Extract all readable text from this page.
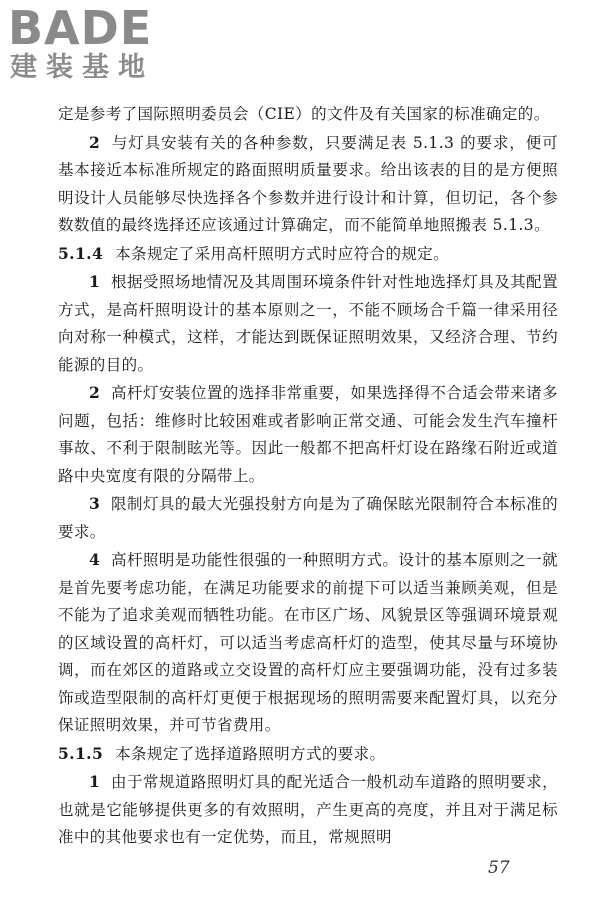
BADE
建装基地

定是参考了国际照明委员会（CIE）的文件及有关国家的标准确定的。

2 与灯具安装有关的各种参数，只要满足表 5.1.3 的要求，便可基本接近本标准所规定的路面照明质量要求。给出该表的目的是方便照明设计人员能够尽快选择各个参数并进行设计和计算，但切记，各个参数数值的最终选择还应该通过计算确定，而不能简单地照搬表 5.1.3。

5.1.4 本条规定了采用高杆照明方式时应符合的规定。

1 根据受照场地情况及其周围环境条件针对性地选择灯具及其配置方式，是高杆照明设计的基本原则之一，不能不顾场合千篇一律采用径向对称一种模式，这样，才能达到既保证照明效果，又经济合理、节约能源的目的。

2 高杆灯安装位置的选择非常重要，如果选择得不合适会带来诸多问题，包括：维修时比较困难或者影响正常交通、可能会发生汽车撞杆事故、不利于限制眩光等。因此一般都不把高杆灯设在路缘石附近或道路中央宽度有限的分隔带上。

3 限制灯具的最大光强投射方向是为了确保眩光限制符合本标准的要求。

4 高杆照明是功能性很强的一种照明方式。设计的基本原则之一就是首先要考虑功能，在满足功能要求的前提下可以适当兼顾美观，但是不能为了追求美观而牺牲功能。在市区广场、风貌景区等强调环境景观的区域设置的高杆灯，可以适当考虑高杆灯的造型，使其尽量与环境协调，而在郊区的道路或立交设置的高杆灯应主要强调功能，没有过多装饰或造型限制的高杆灯更便于根据现场的照明需要来配置灯具，以充分保证照明效果，并可节省费用。

5.1.5 本条规定了选择道路照明方式的要求。

1 由于常规道路照明灯具的配光适合一般机动车道路的照明要求，也就是它能够提供更多的有效照明，产生更高的亮度，并且对于满足标准中的其他要求也有一定优势，而且，常规照明

57
